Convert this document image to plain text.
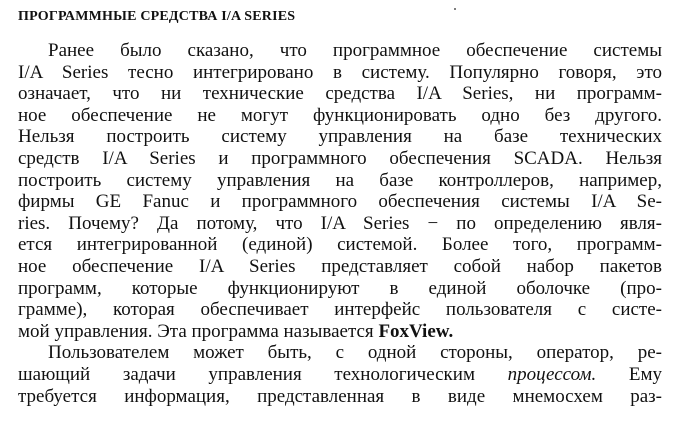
ПРОГРАММНЫЕ СРЕДСТВА I/A SERIES
Ранее было сказано, что программное обеспечение системы
I/A Series тесно интегрировано в систему. Популярно говоря, это
означает, что ни технические средства I/A Series, ни программ-
ное обеспечение не могут функционировать одно без другого.
Нельзя построить систему управления на базе технических
средств I/A Series и программного обеспечения SCADA. Нельзя
построить систему управления на базе контроллеров, например,
фирмы GE Fanuc и программного обеспечения системы I/A Se-
ries. Почему? Да потому, что I/A Series − по определению явля-
ется интегрированной (единой) системой. Более того, программ-
ное обеспечение I/A Series представляет собой набор пакетов
программ, которые функционируют в единой оболочке (про-
грамме), которая обеспечивает интерфейс пользователя с систе-
мой управления. Эта программа называется FoxView.
Пользователем может быть, с одной стороны, оператор, ре-
шающий задачи управления технологическим процессом. Ему
требуется информация, представленная в виде мнемосхем раз-
